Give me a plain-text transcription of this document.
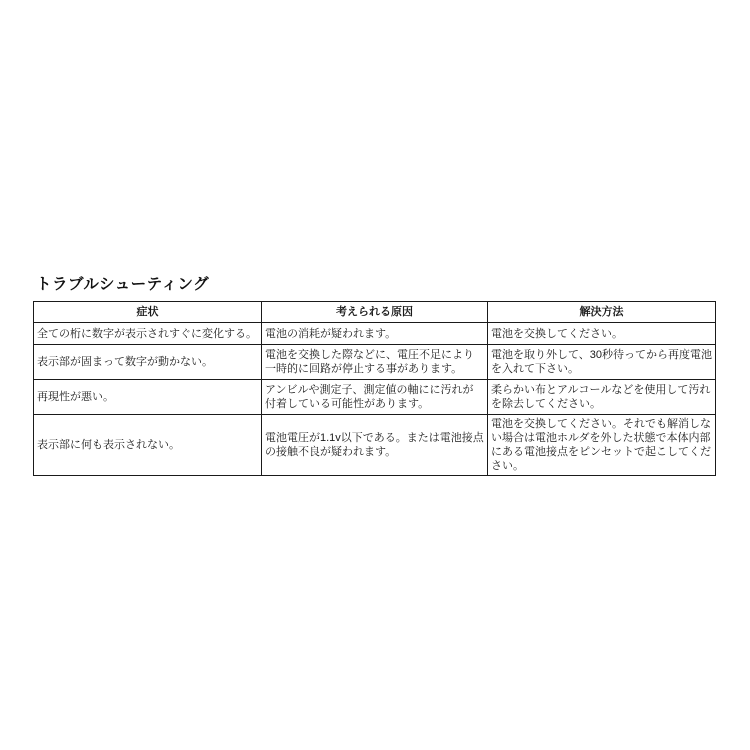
トラブルシューティング
症状	考えられる原因	解決方法
全ての桁に数字が表示されすぐに変化する。	電池の消耗が疑われます。	電池を交換してください。
表示部が固まって数字が動かない。	電池を交換した際などに、電圧不足により一時的に回路が停止する事があります。	電池を取り外して、30秒待ってから再度電池を入れて下さい。
再現性が悪い。	アンビルや測定子、測定値の軸にに汚れが付着している可能性があります。	柔らかい布とアルコールなどを使用して汚れを除去してください。
表示部に何も表示されない。	電池電圧が1.1v以下である。または電池接点の接触不良が疑われます。	電池を交換してください。それでも解消しない場合は電池ホルダを外した状態で本体内部にある電池接点をピンセットで起こしてください。
